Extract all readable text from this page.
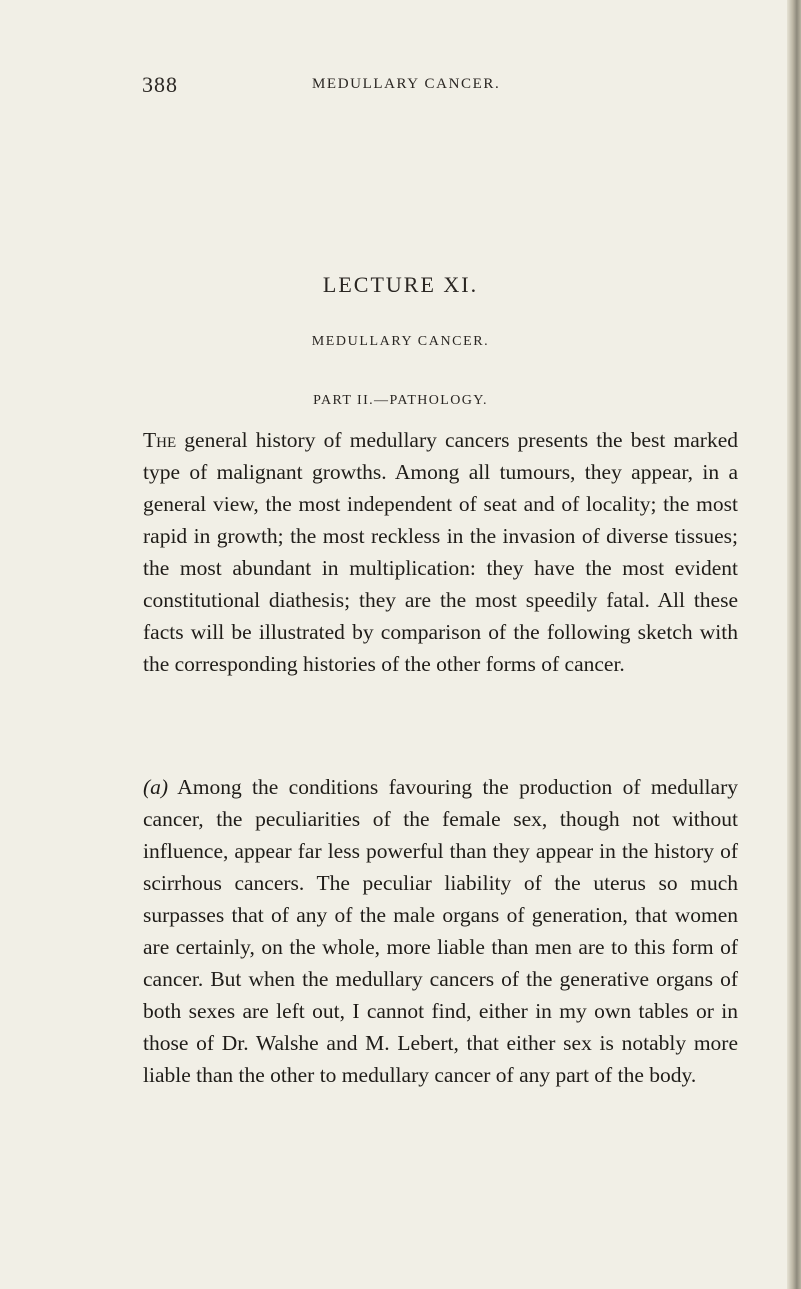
388	MEDULLARY CANCER.
LECTURE XI.
MEDULLARY CANCER.
PART II.—PATHOLOGY.

The general history of medullary cancers presents the best marked type of malignant growths. Among all tumours, they appear, in a general view, the most independent of seat and of locality; the most rapid in growth; the most reckless in the invasion of diverse tissues; the most abundant in multiplication: they have the most evident constitutional diathesis; they are the most speedily fatal. All these facts will be illustrated by comparison of the following sketch with the corresponding histories of the other forms of cancer.

(a) Among the conditions favouring the production of medullary cancer, the peculiarities of the female sex, though not without influence, appear far less powerful than they appear in the history of scirrhous cancers. The peculiar liability of the uterus so much surpasses that of any of the male organs of generation, that women are certainly, on the whole, more liable than men are to this form of cancer. But when the medullary cancers of the generative organs of both sexes are left out, I cannot find, either in my own tables or in those of Dr. Walshe and M. Lebert, that either sex is notably more liable than the other to medullary cancer of any part of the body.
